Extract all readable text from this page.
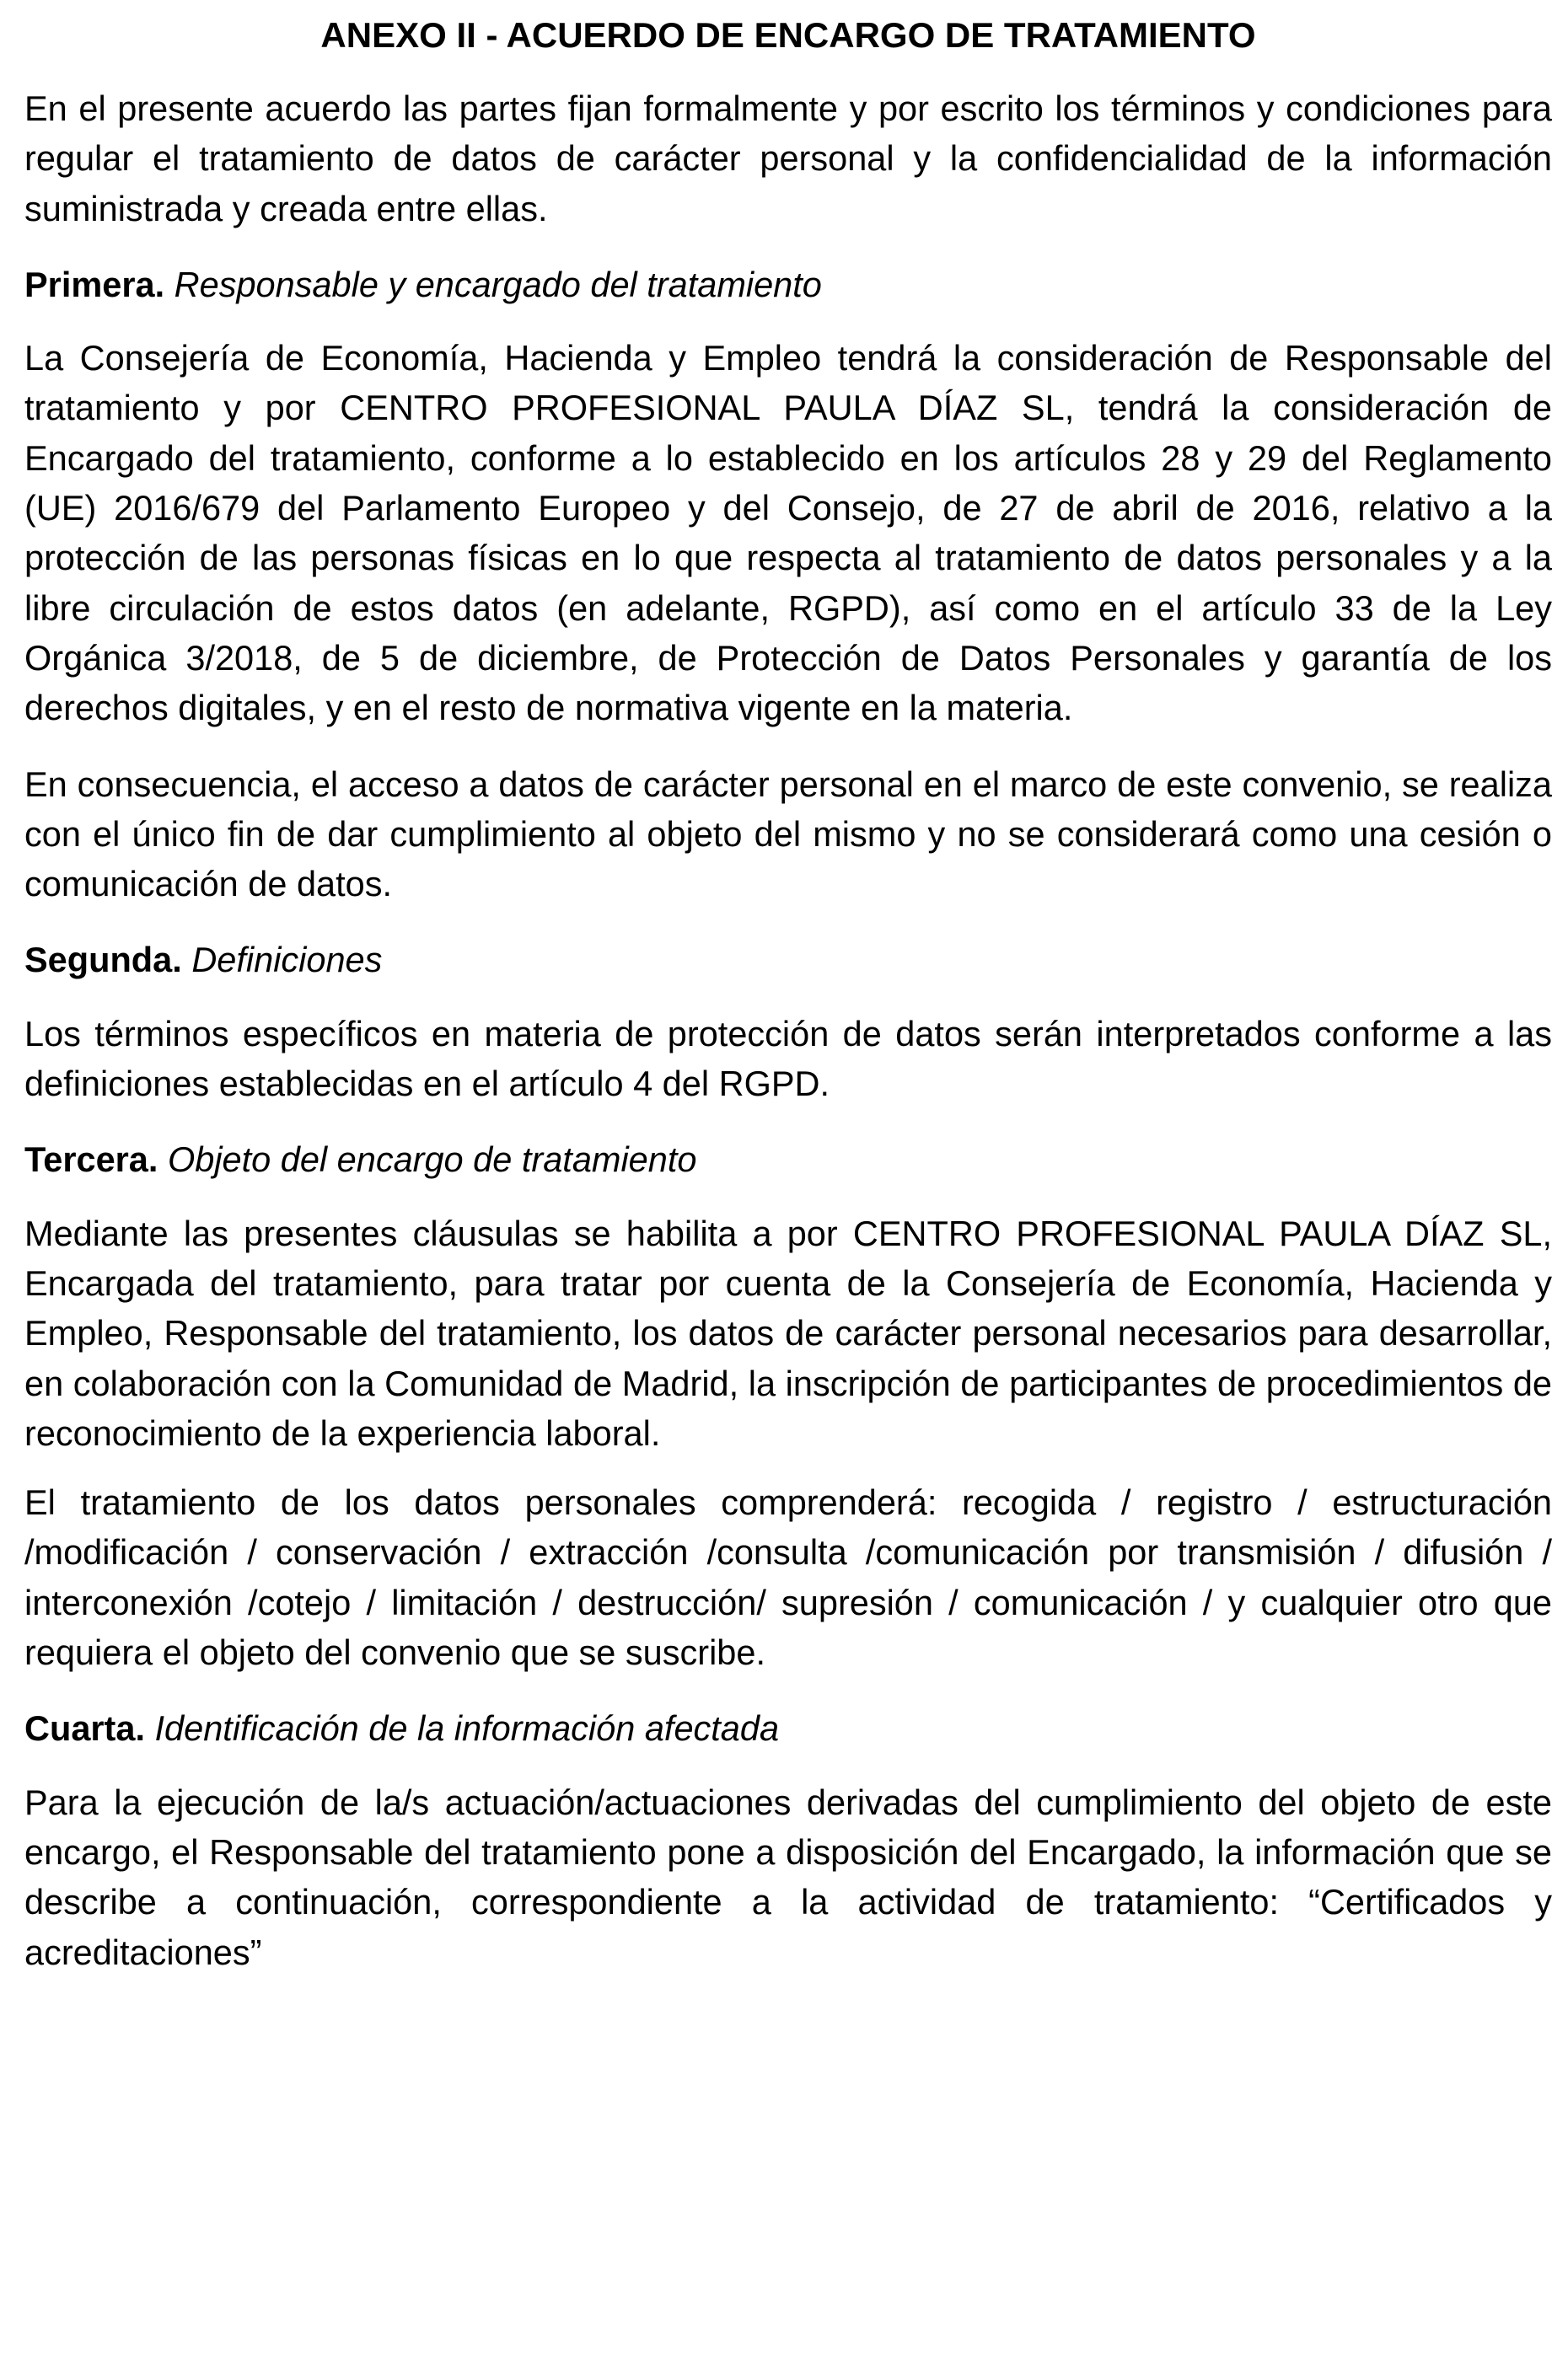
ANEXO II - ACUERDO DE ENCARGO DE TRATAMIENTO

En el presente acuerdo las partes fijan formalmente y por escrito los términos y condiciones para regular el tratamiento de datos de carácter personal y la confidencialidad de la información suministrada y creada entre ellas.

Primera. Responsable y encargado del tratamiento

La Consejería de Economía, Hacienda y Empleo tendrá la consideración de Responsable del tratamiento y por CENTRO PROFESIONAL PAULA DÍAZ SL, tendrá la consideración de Encargado del tratamiento, conforme a lo establecido en los artículos 28 y 29 del Reglamento (UE) 2016/679 del Parlamento Europeo y del Consejo, de 27 de abril de 2016, relativo a la protección de las personas físicas en lo que respecta al tratamiento de datos personales y a la libre circulación de estos datos (en adelante, RGPD), así como en el artículo 33 de la Ley Orgánica 3/2018, de 5 de diciembre, de Protección de Datos Personales y garantía de los derechos digitales, y en el resto de normativa vigente en la materia.

En consecuencia, el acceso a datos de carácter personal en el marco de este convenio, se realiza con el único fin de dar cumplimiento al objeto del mismo y no se considerará como una cesión o comunicación de datos.

Segunda. Definiciones

Los términos específicos en materia de protección de datos serán interpretados conforme a las definiciones establecidas en el artículo 4 del RGPD.

Tercera. Objeto del encargo de tratamiento

Mediante las presentes cláusulas se habilita a por CENTRO PROFESIONAL PAULA DÍAZ SL, Encargada del tratamiento, para tratar por cuenta de la Consejería de Economía, Hacienda y Empleo, Responsable del tratamiento, los datos de carácter personal necesarios para desarrollar, en colaboración con la Comunidad de Madrid, la inscripción de participantes de procedimientos de reconocimiento de la experiencia laboral.

El tratamiento de los datos personales comprenderá: recogida / registro / estructuración /modificación / conservación / extracción /consulta /comunicación por transmisión / difusión / interconexión /cotejo / limitación / destrucción/ supresión / comunicación / y cualquier otro que requiera el objeto del convenio que se suscribe.

Cuarta. Identificación de la información afectada

Para la ejecución de la/s actuación/actuaciones derivadas del cumplimiento del objeto de este encargo, el Responsable del tratamiento pone a disposición del Encargado, la información que se describe a continuación, correspondiente a la actividad de tratamiento: “Certificados y acreditaciones”
